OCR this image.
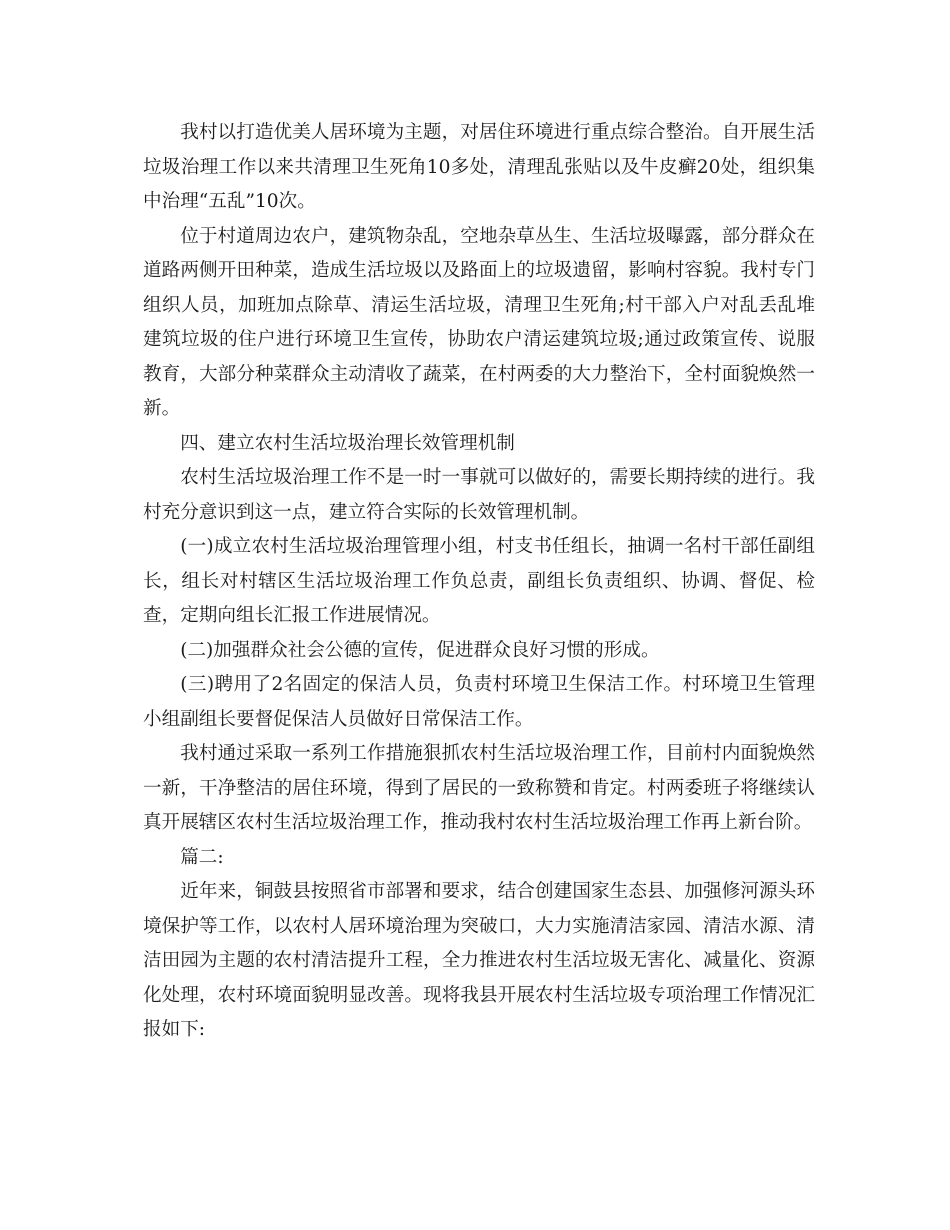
我村以打造优美人居环境为主题，对居住环境进行重点综合整治。自开展生活垃圾治理工作以来共清理卫生死角10多处，清理乱张贴以及牛皮癣20处，组织集中治理“五乱”10次。

位于村道周边农户，建筑物杂乱，空地杂草丛生、生活垃圾曝露，部分群众在道路两侧开田种菜，造成生活垃圾以及路面上的垃圾遗留，影响村容貌。我村专门组织人员，加班加点除草、清运生活垃圾，清理卫生死角;村干部入户对乱丢乱堆建筑垃圾的住户进行环境卫生宣传，协助农户清运建筑垃圾;通过政策宣传、说服教育，大部分种菜群众主动清收了蔬菜，在村两委的大力整治下，全村面貌焕然一新。

四、建立农村生活垃圾治理长效管理机制

农村生活垃圾治理工作不是一时一事就可以做好的，需要长期持续的进行。我村充分意识到这一点，建立符合实际的长效管理机制。

(一)成立农村生活垃圾治理管理小组，村支书任组长，抽调一名村干部任副组长，组长对村辖区生活垃圾治理工作负总责，副组长负责组织、协调、督促、检查，定期向组长汇报工作进展情况。

(二)加强群众社会公德的宣传，促进群众良好习惯的形成。

(三)聘用了2名固定的保洁人员，负责村环境卫生保洁工作。村环境卫生管理小组副组长要督促保洁人员做好日常保洁工作。

我村通过采取一系列工作措施狠抓农村生活垃圾治理工作，目前村内面貌焕然一新，干净整洁的居住环境，得到了居民的一致称赞和肯定。村两委班子将继续认真开展辖区农村生活垃圾治理工作，推动我村农村生活垃圾治理工作再上新台阶。

篇二:

近年来，铜鼓县按照省市部署和要求，结合创建国家生态县、加强修河源头环境保护等工作，以农村人居环境治理为突破口，大力实施清洁家园、清洁水源、清洁田园为主题的农村清洁提升工程，全力推进农村生活垃圾无害化、减量化、资源化处理，农村环境面貌明显改善。现将我县开展农村生活垃圾专项治理工作情况汇报如下:
